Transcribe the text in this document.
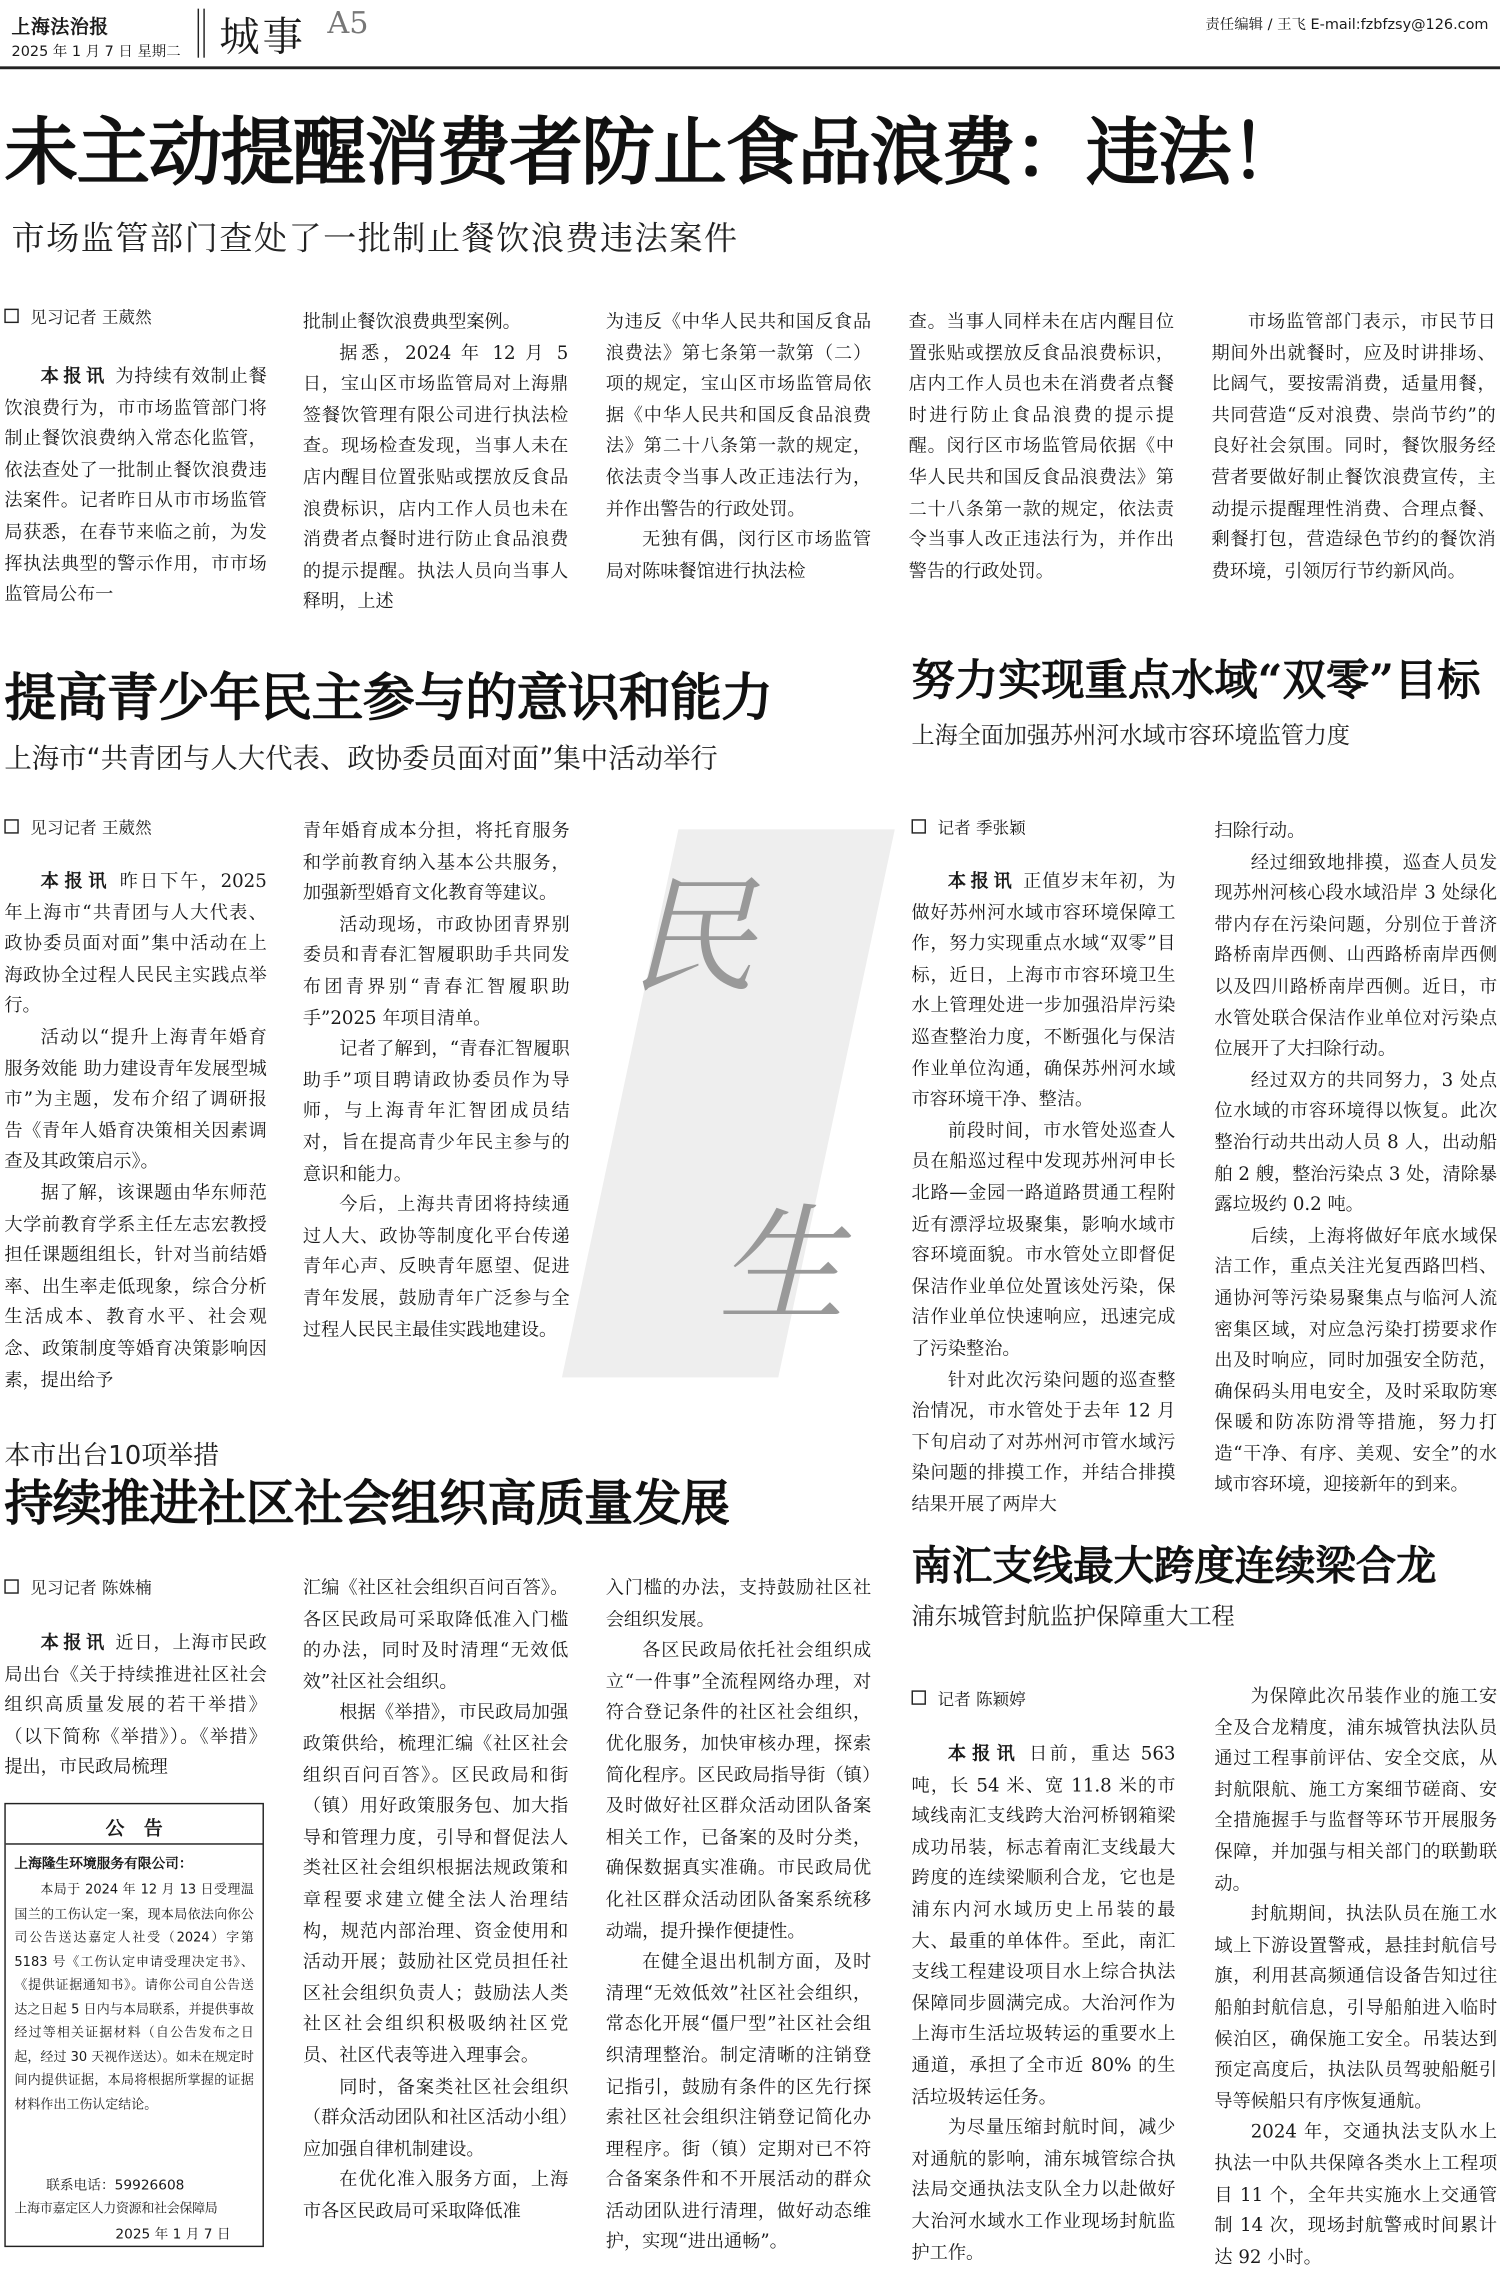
上海法治报
2025 年 1 月 7 日 星期二 城事 A5	责任编辑 / 王飞 E-mail:fzbfzsy@126.com
未主动提醒消费者防止食品浪费：违法！
市场监管部门查处了一批制止餐饮浪费违法案件
见习记者 王葳然

本报讯 为持续有效制止餐饮浪费行为，市市场监管部门将制止餐饮浪费纳入常态化监管，依法查处了一批制止餐饮浪费违法案件。记者昨日从市市场监管局获悉，在春节来临之前，为发挥执法典型的警示作用，市市场监管局公布一

批制止餐饮浪费典型案例。

据悉，2024 年 12 月 5 日，宝山区市场监管局对上海鼎签餐饮管理有限公司进行执法检查。现场检查发现，当事人未在店内醒目位置张贴或摆放反食品浪费标识，店内工作人员也未在消费者点餐时进行防止食品浪费的提示提醒。执法人员向当事人释明，上述

为违反《中华人民共和国反食品浪费法》第七条第一款第（二）项的规定，宝山区市场监管局依据《中华人民共和国反食品浪费法》第二十八条第一款的规定，依法责令当事人改正违法行为，并作出警告的行政处罚。

无独有偶，闵行区市场监管局对陈味餐馆进行执法检

查。当事人同样未在店内醒目位置张贴或摆放反食品浪费标识，店内工作人员也未在消费者点餐时进行防止食品浪费的提示提醒。闵行区市场监管局依据《中华人民共和国反食品浪费法》第二十八条第一款的规定，依法责令当事人改正违法行为，并作出警告的行政处罚。

市场监管部门表示，市民节日期间外出就餐时，应及时讲排场、比阔气，要按需消费，适量用餐，共同营造“反对浪费、崇尚节约”的良好社会氛围。同时，餐饮服务经营者要做好制止餐饮浪费宣传，主动提示提醒理性消费、合理点餐、剩餐打包，营造绿色节约的餐饮消费环境，引领厉行节约新风尚。

提高青少年民主参与的意识和能力
上海市“共青团与人大代表、政协委员面对面”集中活动举行
见习记者 王葳然
民
生

本报讯 昨日下午，2025 年上海市“共青团与人大代表、政协委员面对面”集中活动在上海政协全过程人民民主实践点举行。

活动以“提升上海青年婚育服务效能 助力建设青年发展型城市”为主题，发布介绍了调研报告《青年人婚育决策相关因素调查及其政策启示》。

据了解，该课题由华东师范大学前教育学系主任左志宏教授担任课题组组长，针对当前结婚率、出生率走低现象，综合分析生活成本、教育水平、社会观念、政策制度等婚育决策影响因素，提出给予

青年婚育成本分担，将托育服务和学前教育纳入基本公共服务，加强新型婚育文化教育等建议。

活动现场，市政协团青界别委员和青春汇智履职助手共同发布团青界别“青春汇智履职助手”2025 年项目清单。

记者了解到，“青春汇智履职助手”项目聘请政协委员作为导师，与上海青年汇智团成员结对，旨在提高青少年民主参与的意识和能力。

今后，上海共青团将持续通过人大、政协等制度化平台传递青年心声、反映青年愿望、促进青年发展，鼓励青年广泛参与全过程人民民主最佳实践地建设。

努力实现重点水域“双零”目标
上海全面加强苏州河水域市容环境监管力度
记者 季张颖

本报讯 正值岁末年初，为做好苏州河水域市容环境保障工作，努力实现重点水域“双零”目标，近日，上海市市容环境卫生水上管理处进一步加强沿岸污染巡查整治力度，不断强化与保洁作业单位沟通，确保苏州河水域市容环境干净、整洁。

前段时间，市水管处巡查人员在船巡过程中发现苏州河申长北路—金园一路道路贯通工程附近有漂浮垃圾聚集，影响水域市容环境面貌。市水管处立即督促保洁作业单位处置该处污染，保洁作业单位快速响应，迅速完成了污染整治。

针对此次污染问题的巡查整治情况，市水管处于去年 12 月下旬启动了对苏州河市管水域污染问题的排摸工作，并结合排摸结果开展了两岸大

扫除行动。

经过细致地排摸，巡查人员发现苏州河核心段水域沿岸 3 处绿化带内存在污染问题，分别位于普济路桥南岸西侧、山西路桥南岸西侧以及四川路桥南岸西侧。近日，市水管处联合保洁作业单位对污染点位展开了大扫除行动。

经过双方的共同努力，3 处点位水域的市容环境得以恢复。此次整治行动共出动人员 8 人，出动船舶 2 艘，整治污染点 3 处，清除暴露垃圾约 0.2 吨。

后续，上海将做好年底水域保洁工作，重点关注光复西路凹档、通协河等污染易聚集点与临河人流密集区域，对应急污染打捞要求作出及时响应，同时加强安全防范，确保码头用电安全，及时采取防寒保暖和防冻防滑等措施，努力打造“干净、有序、美观、安全”的水域市容环境，迎接新年的到来。

本市出台10项举措
持续推进社区社会组织高质量发展
见习记者 陈姝楠

本报讯 近日，上海市民政局出台《关于持续推进社区社会组织高质量发展的若干举措》（以下简称《举措》）。《举措》提出，市民政局梳理

公   告
上海隆生环境服务有限公司：
本局于 2024 年 12 月 13 日受理温国兰的工伤认定一案，现本局依法向你公司公告送达嘉定人社受（2024）字第 5183 号《工伤认定申请受理决定书》、《提供证据通知书》。请你公司自公告送达之日起 5 日内与本局联系，并提供事故经过等相关证据材料（自公告发布之日起，经过 30 天视作送达）。如未在规定时间内提供证据，本局将根据所掌握的证据材料作出工伤认定结论。
联系电话：59926608
上海市嘉定区人力资源和社会保障局
2025 年 1 月 7 日

汇编《社区社会组织百问百答》。各区民政局可采取降低准入门槛的办法，同时及时清理“无效低效”社区社会组织。

根据《举措》，市民政局加强政策供给，梳理汇编《社区社会组织百问百答》。区民政局和街（镇）用好政策服务包、加大指导和管理力度，引导和督促法人类社区社会组织根据法规政策和章程要求建立健全法人治理结构，规范内部治理、资金使用和活动开展；鼓励社区党员担任社区社会组织负责人；鼓励法人类社区社会组织积极吸纳社区党员、社区代表等进入理事会。

同时，备案类社区社会组织（群众活动团队和社区活动小组）应加强自律机制建设。

在优化准入服务方面，上海市各区民政局可采取降低准

入门槛的办法，支持鼓励社区社会组织发展。

各区民政局依托社会组织成立“一件事”全流程网络办理，对符合登记条件的社区社会组织，优化服务，加快审核办理，探索简化程序。区民政局指导街（镇）及时做好社区群众活动团队备案相关工作，已备案的及时分类，确保数据真实准确。市民政局优化社区群众活动团队备案系统移动端，提升操作便捷性。

在健全退出机制方面，及时清理“无效低效”社区社会组织，常态化开展“僵尸型”社区社会组织清理整治。制定清晰的注销登记指引，鼓励有条件的区先行探索社区社会组织注销登记简化办理程序。街（镇）定期对已不符合备案条件和不开展活动的群众活动团队进行清理，做好动态维护，实现“进出通畅”。

南汇支线最大跨度连续梁合龙
浦东城管封航监护保障重大工程
记者 陈颖婷

本报讯 日前，重达 563 吨，长 54 米、宽 11.8 米的市域线南汇支线跨大治河桥钢箱梁成功吊装，标志着南汇支线最大跨度的连续梁顺利合龙，它也是浦东内河水域历史上吊装的最大、最重的单体件。至此，南汇支线工程建设项目水上综合执法保障同步圆满完成。大治河作为上海市生活垃圾转运的重要水上通道，承担了全市近 80% 的生活垃圾转运任务。

为尽量压缩封航时间，减少对通航的影响，浦东城管综合执法局交通执法支队全力以赴做好大治河水域水工作业现场封航监护工作。

为保障此次吊装作业的施工安全及合龙精度，浦东城管执法队员通过工程事前评估、安全交底，从封航限航、施工方案细节磋商、安全措施握手与监督等环节开展服务保障，并加强与相关部门的联勤联动。

封航期间，执法队员在施工水域上下游设置警戒，悬挂封航信号旗，利用甚高频通信设备告知过往船舶封航信息，引导船舶进入临时候泊区，确保施工安全。吊装达到预定高度后，执法队员驾驶船艇引导等候船只有序恢复通航。

2024 年，交通执法支队水上执法一中队共保障各类水上工程项目 11 个，全年共实施水上交通管制 14 次，现场封航警戒时间累计达 92 小时。
